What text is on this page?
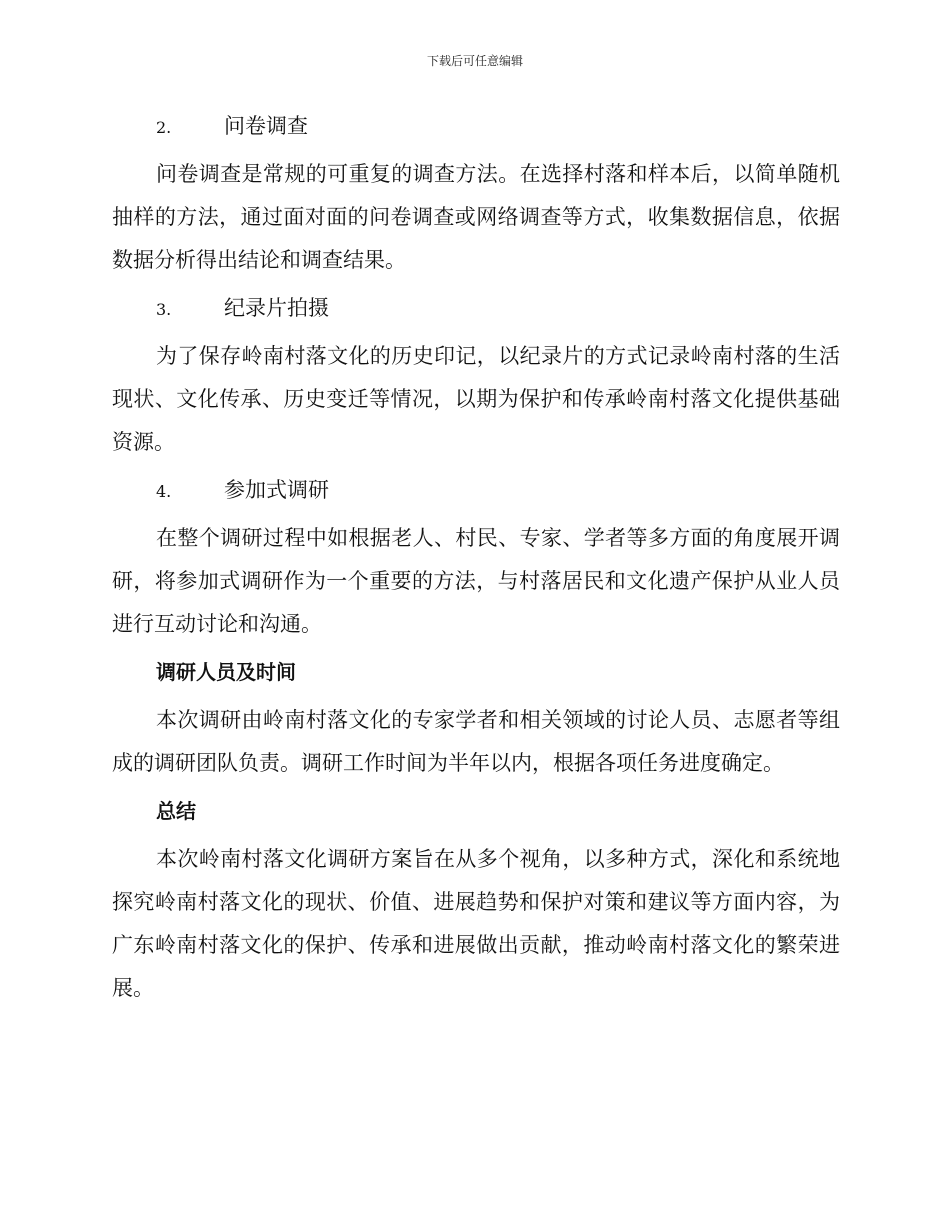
下载后可任意编辑
2.	问卷调查

问卷调查是常规的可重复的调查方法。在选择村落和样本后，以简单随机抽样的方法，通过面对面的问卷调查或网络调查等方式，收集数据信息，依据数据分析得出结论和调查结果。

3.	纪录片拍摄

为了保存岭南村落文化的历史印记，以纪录片的方式记录岭南村落的生活现状、文化传承、历史变迁等情况，以期为保护和传承岭南村落文化提供基础资源。

4.	参加式调研

在整个调研过程中如根据老人、村民、专家、学者等多方面的角度展开调研，将参加式调研作为一个重要的方法，与村落居民和文化遗产保护从业人员进行互动讨论和沟通。

调研人员及时间

本次调研由岭南村落文化的专家学者和相关领域的讨论人员、志愿者等组成的调研团队负责。调研工作时间为半年以内，根据各项任务进度确定。

总结

本次岭南村落文化调研方案旨在从多个视角，以多种方式，深化和系统地探究岭南村落文化的现状、价值、进展趋势和保护对策和建议等方面内容，为广东岭南村落文化的保护、传承和进展做出贡献，推动岭南村落文化的繁荣进展。
